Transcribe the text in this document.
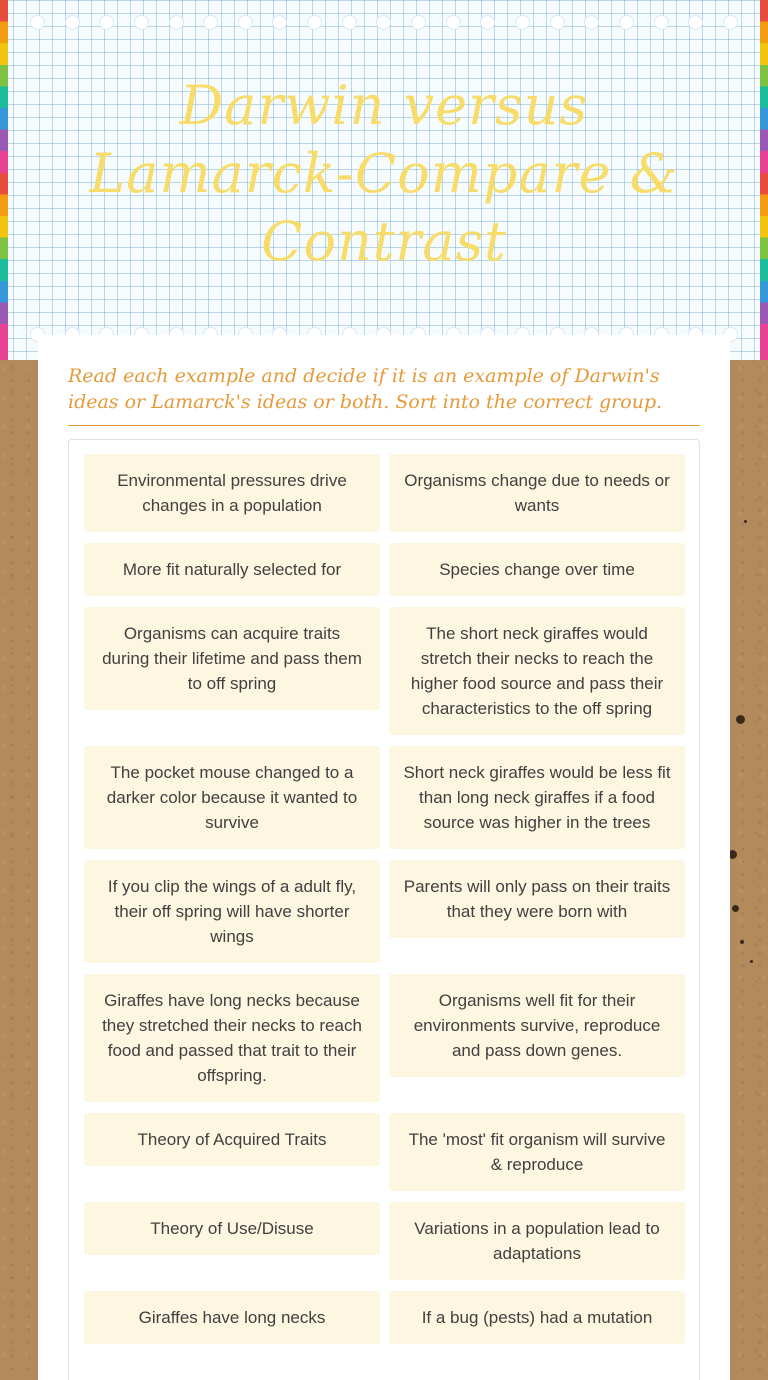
Darwin versus Lamarck-Compare & Contrast
Read each example and decide if it is an example of Darwin's ideas or Lamarck's ideas or both. Sort into the correct group.
Environmental pressures drive changes in a population
More fit naturally selected for
Organisms can acquire traits during their lifetime and pass them to off spring
The pocket mouse changed to a darker color because it wanted to survive
If you clip the wings of a adult fly, their off spring will have shorter wings
Giraffes have long necks because they stretched their necks to reach food and passed that trait to their offspring.
Theory of Acquired Traits
Theory of Use/Disuse
Giraffes have long necks
Organisms change due to needs or wants
Species change over time
The short neck giraffes would stretch their necks to reach the higher food source and pass their characteristics to the off spring
Short neck giraffes would be less fit than long neck giraffes if a food source was higher in the trees
Parents will only pass on their traits that they were born with
Organisms well fit for their environments survive, reproduce and pass down genes.
The 'most' fit organism will survive & reproduce
Variations in a population lead to adaptations
If a bug (pests) had a mutation
